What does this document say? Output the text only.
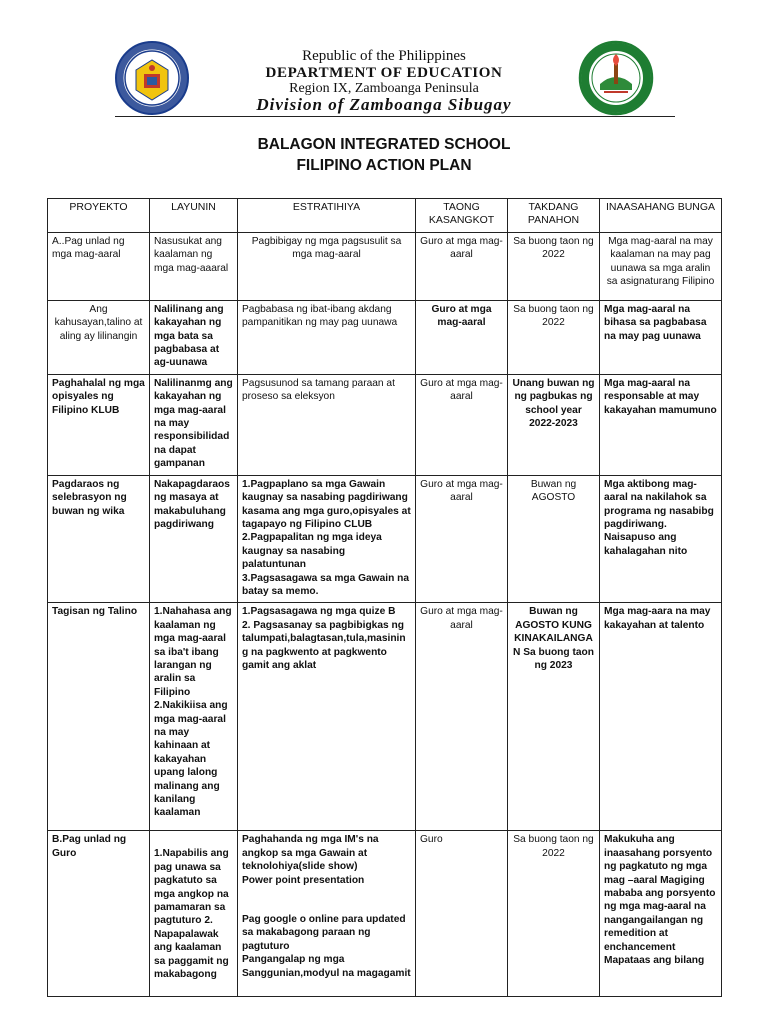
Republic of the Philippines
DEPARTMENT OF EDUCATION
Region IX, Zamboanga Peninsula
Division of Zamboanga Sibugay
BALAGON INTEGRATED SCHOOL
FILIPINO ACTION PLAN
PROYEKTO	LAYUNIN	ESTRATIHIYA	TAONG KASANGKOT	TAKDANG PANAHON	INAASAHANG BUNGA
A..Pag unlad ng mga mag-aaral	Nasusukat ang kaalaman ng mga mag-aaaral	Pagbibigay ng mga pagsusulit sa mga mag-aaral	Guro at mga mag-aaral	Sa buong taon ng 2022	Mga mag-aaral na may kaalaman na may pag uunawa sa mga aralin sa asignaturang Filipino
Ang kahusayan,talino at aling ay lilinangin	Nalilinang ang kakayahan ng mga bata sa pagbabasa at ag-uunawa	Pagbabasa ng ibat-ibang akdang pampanitikan ng may pag uunawa	Guro at mga mag-aaral	Sa buong taon ng 2022	Mga mag-aaral na bihasa sa pagbabasa na may pag uunawa
Paghahalal ng mga opisyales ng Filipino KLUB	Nalilinanmg ang kakayahan ng mga mag-aaral na may responsibilidad na dapat gampanan	Pagsusunod sa tamang paraan at proseso sa eleksyon	Guro at mga mag-aaral	Unang buwan ng ng pagbukas ng school year 2022-2023	Mga mag-aaral na responsable at may kakayahan mamumuno
Pagdaraos ng selebrasyon ng buwan ng wika	Nakapagdaraos ng masaya at makabuluhang pagdiriwang	1.Pagpaplano sa mga Gawain kaugnay sa nasabing pagdiriwang kasama ang mga guro,opisyales at tagapayo ng Filipino CLUB
2.Pagpapalitan ng mga ideya kaugnay sa nasabing palatuntunan
3.Pagsasagawa sa mga Gawain na batay sa memo.	Guro at mga mag-aaral	Buwan ng AGOSTO	Mga aktibong mag-aaral na nakilahok sa programa ng nasabibg pagdiriwang. Naisapuso ang kahalagahan nito
Tagisan ng Talino	1.Nahahasa ang kaalaman ng mga mag-aaral sa iba't ibang larangan ng aralin sa Filipino 2.Nakikiisa ang mga mag-aaral na may kahinaan at kakayahan upang lalong malinang ang kanilang kaalaman	1.Pagsasagawa ng mga quize B
2. Pagsasanay sa pagbibigkas ng talumpati,balagtasan,tula,masining na pagkwento at pagkwento gamit ang aklat	Guro at mga mag-aaral	Buwan ng AGOSTO KUNG KINAKAILANGAN Sa buong taon ng 2023	Mga mag-aara na may kakayahan at talento
B.Pag unlad ng Guro	1.Napabilis ang pag unawa sa pagkatuto sa mga angkop na pamamaran sa pagtuturo 2. Napapalawak ang kaalaman sa paggamit ng makabagong	Paghahanda ng mga IM's na angkop sa mga Gawain at teknolohiya(slide show)
Power point presentation
Pag google o online para updated sa makabagong paraan ng pagtuturo
Pangangalap ng mga Sanggunian,modyul na magagamit	Guro	Sa buong taon ng 2022	Makukuha ang inaasahang porsyento ng pagkatuto ng mga mag –aaral Magiging mababa ang porsyento ng mga mag-aaral na nangangailangan ng remedition at enchancement Mapataas ang bilang
